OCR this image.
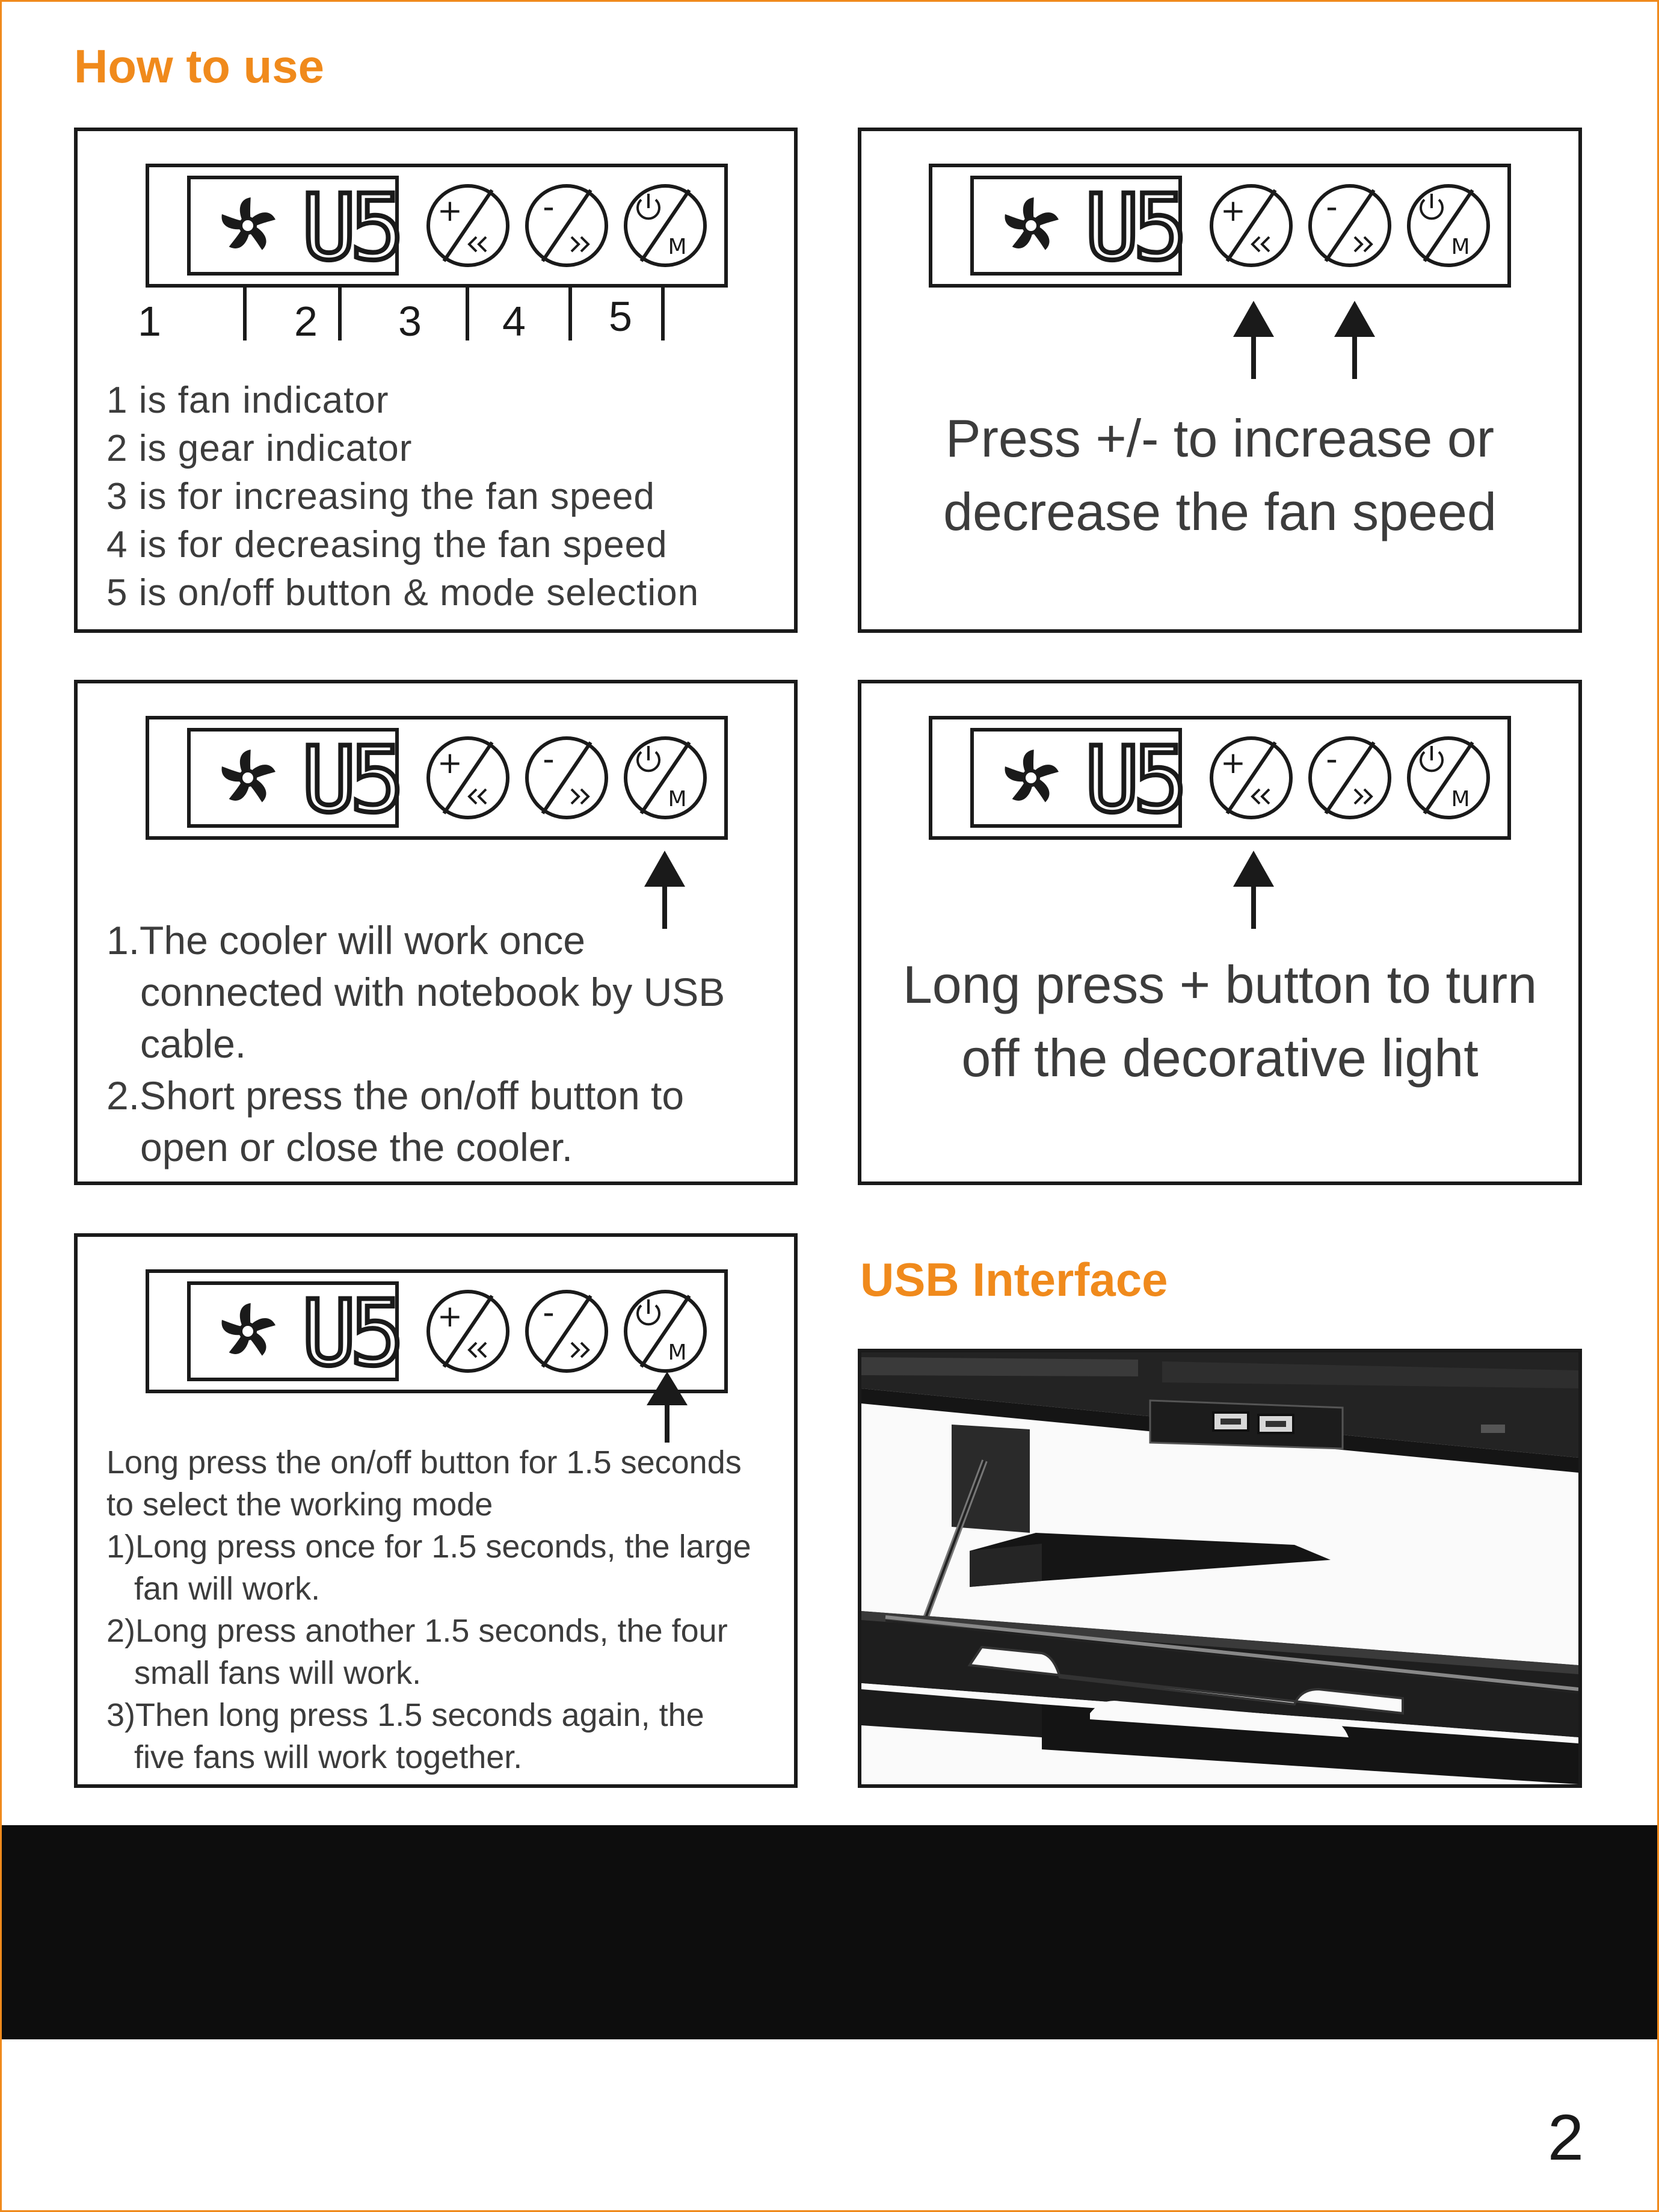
How to use
U5 + -
M
1	2 3 4 5
1 is fan indicator
2 is gear indicator
3 is for increasing the fan speed
4 is for decreasing the fan speed
5 is on/off button & mode selection
U5 + -
M
Press +/- to increase or
decrease the fan speed
U5 + -
M
1.The cooler will work once
connected with notebook by USB
cable.
2.Short press the on/off button to
open or close the cooler.
U5 + -
M
Long press + button to turn
off the decorative light
U5 + -
M
Long press the on/off button for 1.5 seconds
to select the working mode
1)Long press once for 1.5 seconds, the large
fan will work.
2)Long press another 1.5 seconds, the four
small fans will work.
3)Then long press 1.5 seconds again, the
five fans will work together.
USB Interface
2
